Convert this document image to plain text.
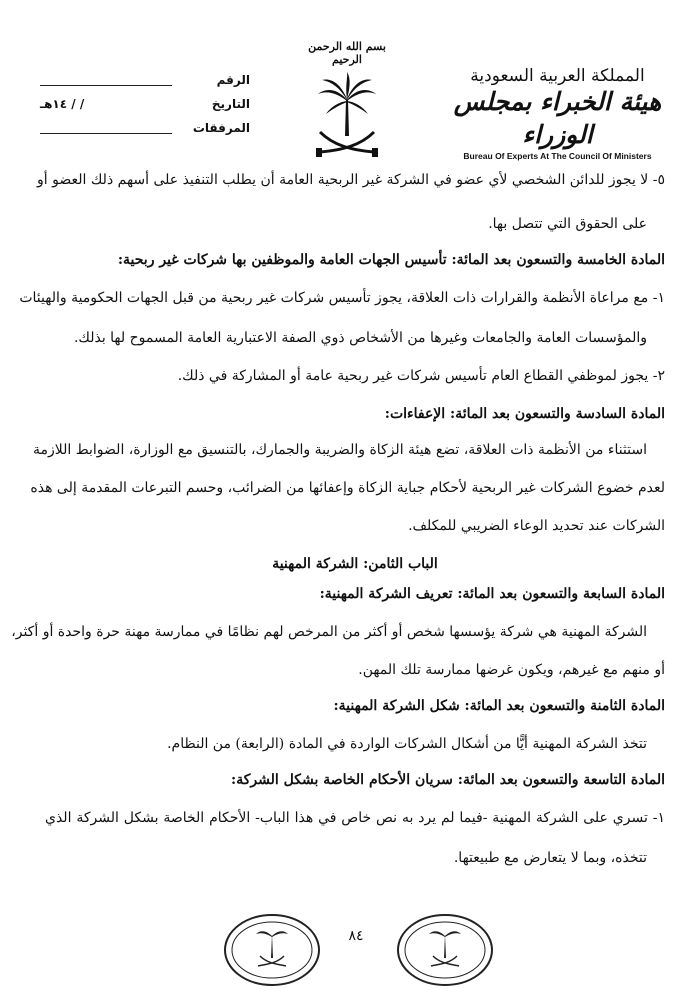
الرقم
التاريخ
/ / ١٤هـ
المرفقات
بسم الله الرحمن الرحيم
المملكة العربية السعودية
هيئة الخبراء بمجلس الوزراء
Bureau Of Experts At The Council Of Ministers
٥- لا يجوز للدائن الشخصي لأي عضو في الشركة غير الربحية العامة أن يطلب التنفيذ على أسهم ذلك العضو أو
على الحقوق التي تتصل بها.
المادة الخامسة والتسعون بعد المائة: تأسيس الجهات العامة والموظفين بها شركات غير ربحية:
١- مع مراعاة الأنظمة والقرارات ذات العلاقة، يجوز تأسيس شركات غير ربحية من قبل الجهات الحكومية والهيئات
والمؤسسات العامة والجامعات وغيرها من الأشخاص ذوي الصفة الاعتبارية العامة المسموح لها بذلك.
٢- يجوز لموظفي القطاع العام تأسيس شركات غير ربحية عامة أو المشاركة في ذلك.
المادة السادسة والتسعون بعد المائة: الإعفاءات:
استثناء من الأنظمة ذات العلاقة، تضع هيئة الزكاة والضريبة والجمارك، بالتنسيق مع الوزارة، الضوابط اللازمة
لعدم خضوع الشركات غير الربحية لأحكام جباية الزكاة وإعفائها من الضرائب، وحسم التبرعات المقدمة إلى هذه
الشركات عند تحديد الوعاء الضريبي للمكلف.
الباب الثامن: الشركة المهنية
المادة السابعة والتسعون بعد المائة: تعريف الشركة المهنية:
الشركة المهنية هي شركة يؤسسها شخص أو أكثر من المرخص لهم نظامًا في ممارسة مهنة حرة واحدة أو أكثر،
أو منهم مع غيرهم، ويكون غرضها ممارسة تلك المهن.
المادة الثامنة والتسعون بعد المائة: شكل الشركة المهنية:
تتخذ الشركة المهنية أيًّا من أشكال الشركات الواردة في المادة (الرابعة) من النظام.
المادة التاسعة والتسعون بعد المائة: سريان الأحكام الخاصة بشكل الشركة:
١- تسري على الشركة المهنية -فيما لم يرد به نص خاص في هذا الباب- الأحكام الخاصة بشكل الشركة الذي
تتخذه، وبما لا يتعارض مع طبيعتها.
٨٤
